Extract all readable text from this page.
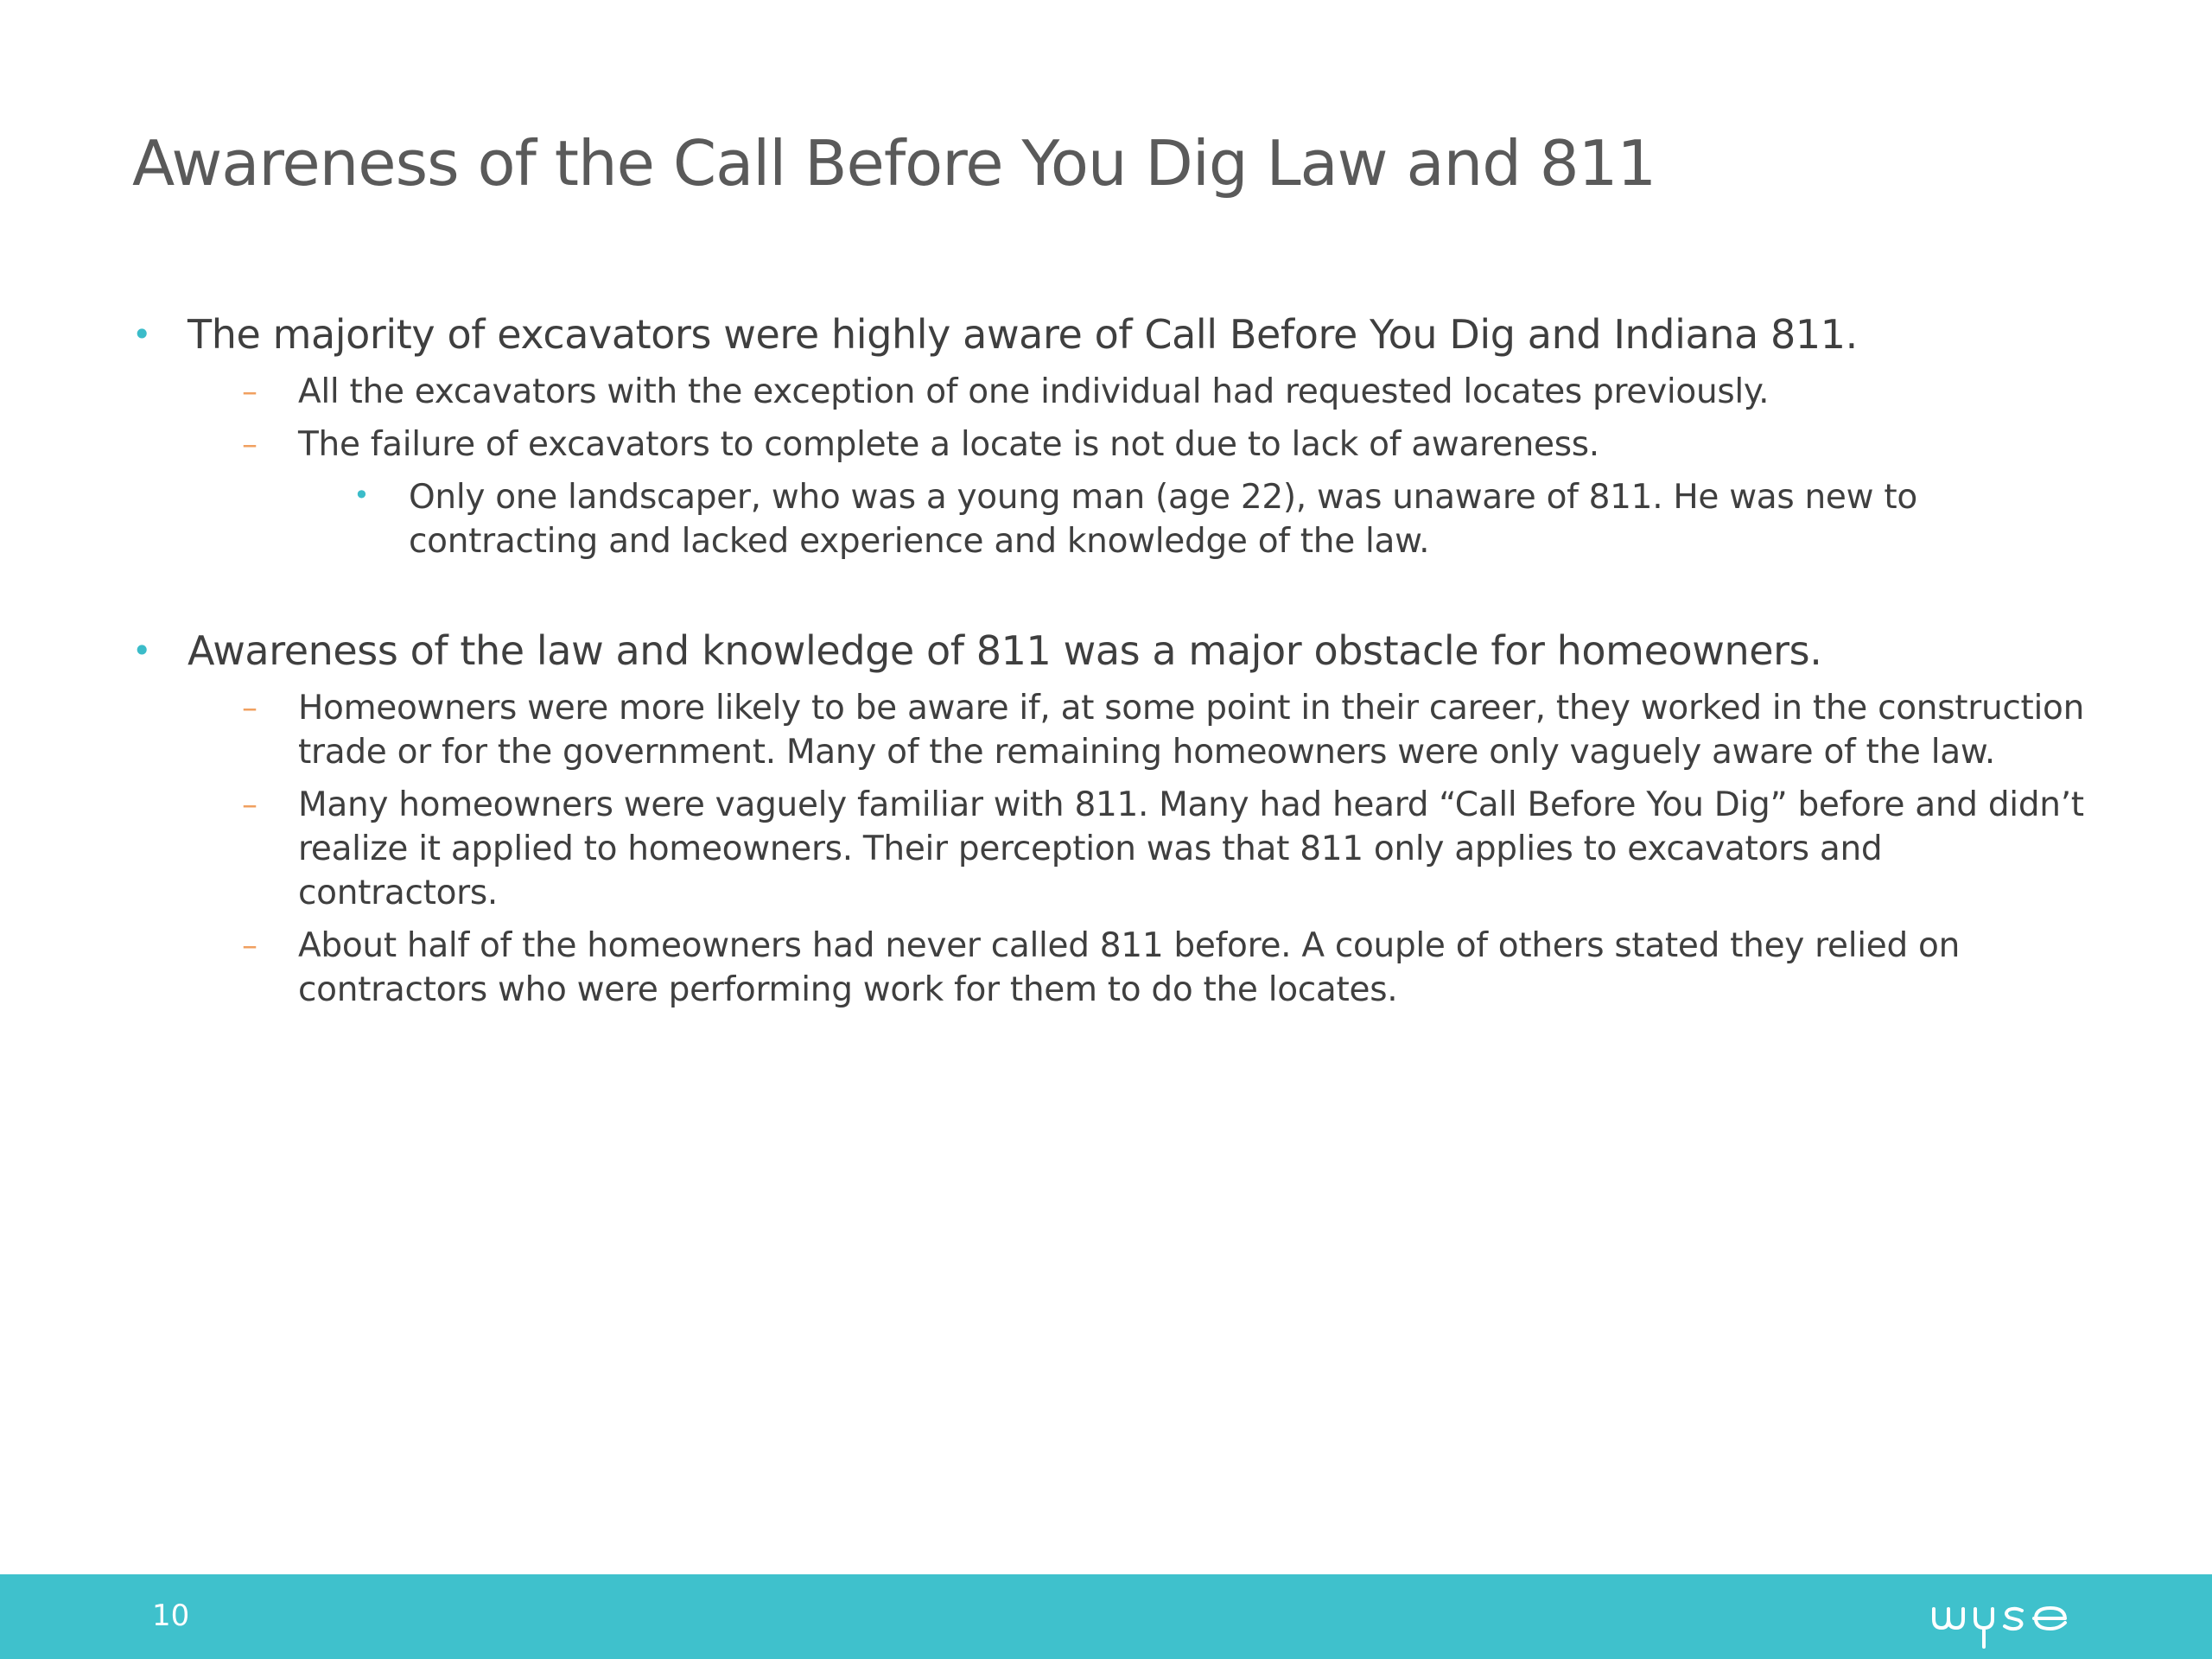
Awareness of the Call Before You Dig Law and 811
• The majority of excavators were highly aware of Call Before You Dig and Indiana 811.
– All the excavators with the exception of one individual had requested locates previously.
– The failure of excavators to complete a locate is not due to lack of awareness.
• Only one landscaper, who was a young man (age 22), was unaware of 811. He was new to contracting and lacked experience and knowledge of the law.
• Awareness of the law and knowledge of 811 was a major obstacle for homeowners.
– Homeowners were more likely to be aware if, at some point in their career, they worked in the construction trade or for the government. Many of the remaining homeowners were only vaguely aware of the law.
– Many homeowners were vaguely familiar with 811. Many had heard “Call Before You Dig” before and didn’t realize it applied to homeowners. Their perception was that 811 only applies to excavators and contractors.
– About half of the homeowners had never called 811 before. A couple of others stated they relied on contractors who were performing work for them to do the locates.
10
